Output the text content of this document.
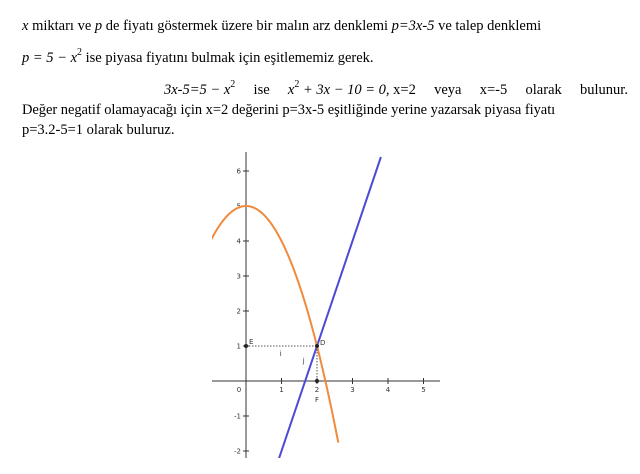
x miktarı ve p de fiyatı göstermek üzere bir malın arz denklemi p=3x-5 ve talep denklemi
$p = 5 - x^2$ ise piyasa fiyatını bulmak için eşitlememiz gerek.
$3x-5=5 - x^2$ ise $x^2 + 3x - 10 = 0$, x=2 veya x=-5 olarak bulunur.
Değer negatif olamayacağı için x=2 değerini p=3x-5 eşitliğinde yerine yazarsak piyasa fiyatı
p=3.2-5=1 olarak buluruz.
1	2	3	4	5
0
6
5
4
3
2
1
-1
-2
D
E
F
i
j
